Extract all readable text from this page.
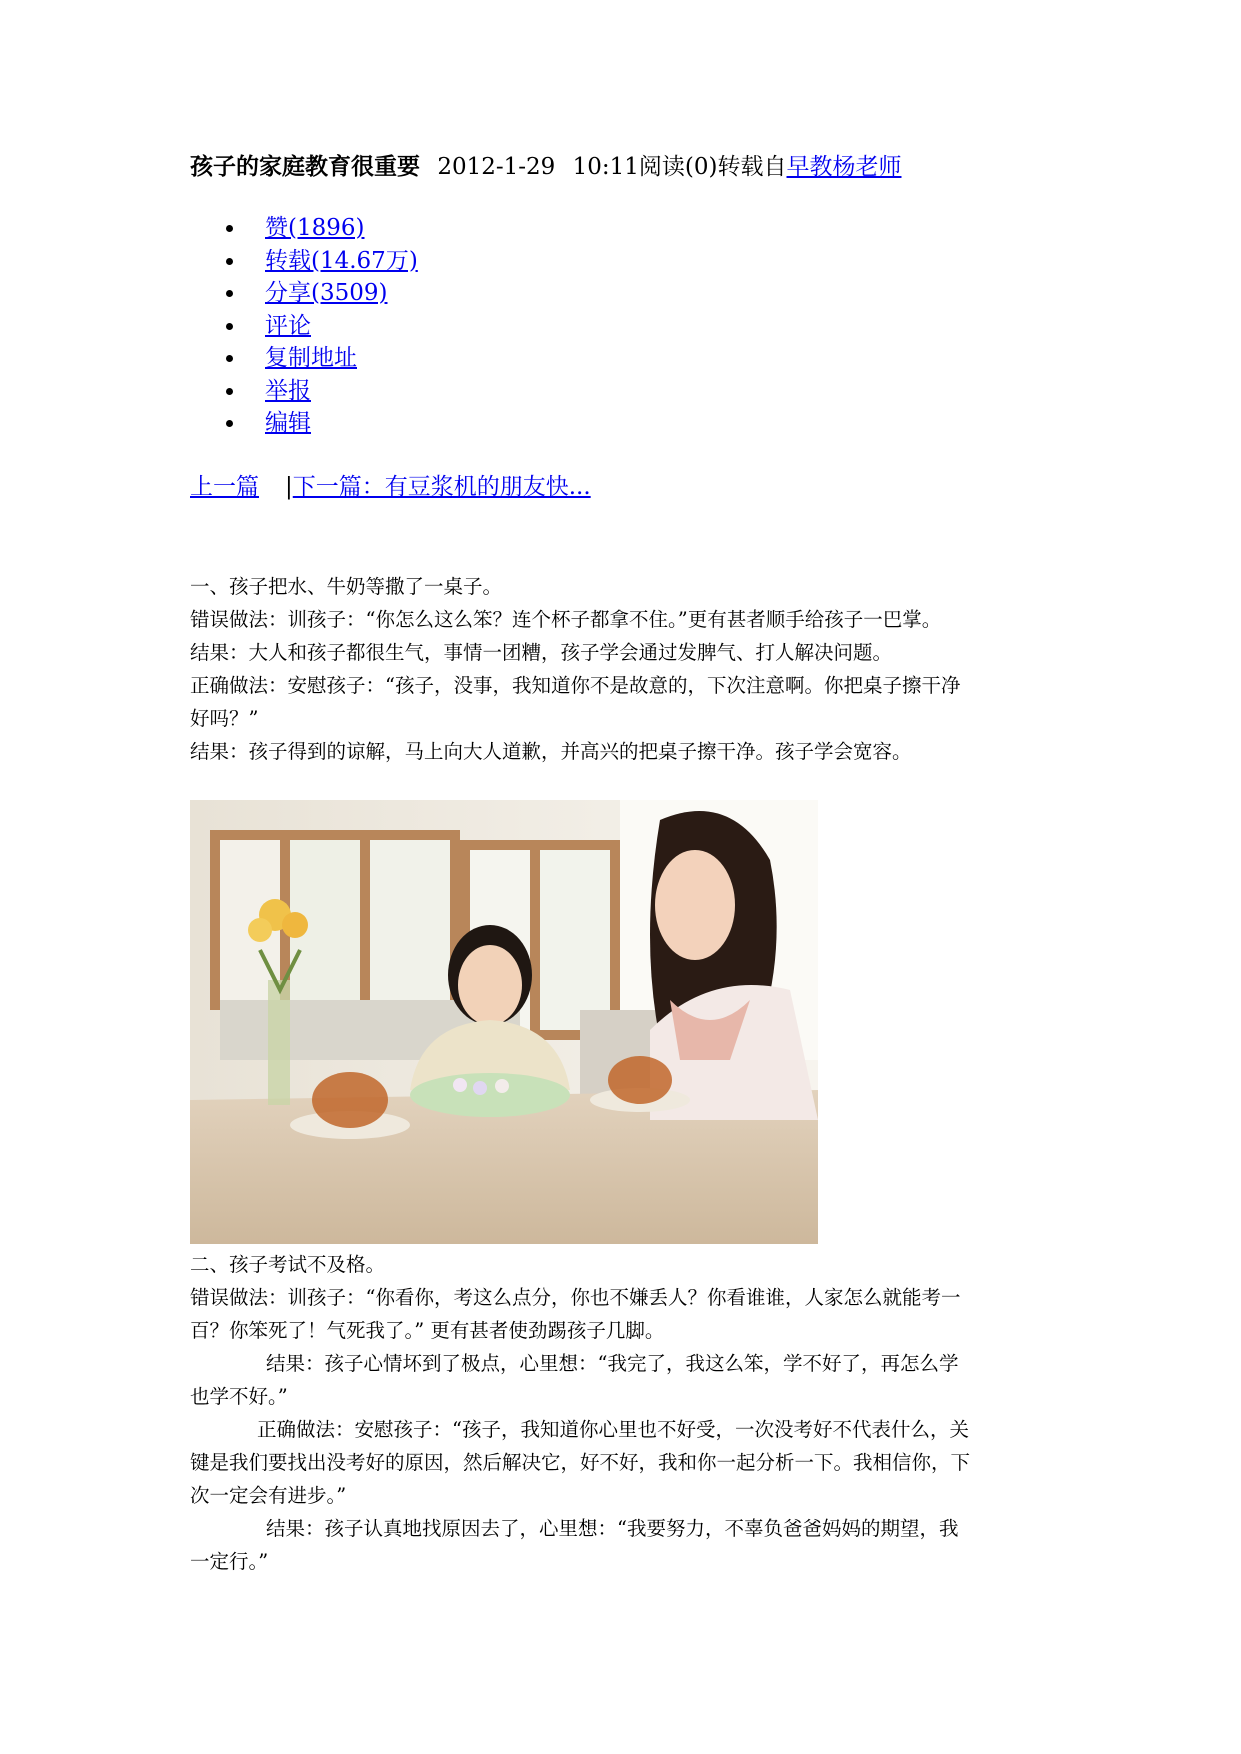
孩子的家庭教育很重要 2012-1-29 10:11阅读(0)转载自早教杨老师
赞(1896)
转载(14.67万)
分享(3509)
评论
复制地址
举报
编辑
上一篇 |下一篇：有豆浆机的朋友快...
一、孩子把水、牛奶等撒了一桌子。
错误做法：训孩子：“你怎么这么笨？连个杯子都拿不住。”更有甚者顺手给孩子一巴掌。
结果：大人和孩子都很生气，事情一团糟，孩子学会通过发脾气、打人解决问题。
正确做法：安慰孩子：“孩子，没事，我知道你不是故意的，下次注意啊。你把桌子擦干净
好吗？”
结果：孩子得到的谅解，马上向大人道歉，并高兴的把桌子擦干净。孩子学会宽容。
二、孩子考试不及格。
错误做法：训孩子：“你看你，考这么点分，你也不嫌丢人？你看谁谁，人家怎么就能考一
百？你笨死了！气死我了。” 更有甚者使劲踢孩子几脚。
结果：孩子心情坏到了极点，心里想：“我完了，我这么笨，学不好了，再怎么学
也学不好。”
正确做法：安慰孩子：“孩子，我知道你心里也不好受，一次没考好不代表什么，关
键是我们要找出没考好的原因，然后解决它，好不好，我和你一起分析一下。我相信你，下
次一定会有进步。”
结果：孩子认真地找原因去了，心里想：“我要努力，不辜负爸爸妈妈的期望，我
一定行。”
